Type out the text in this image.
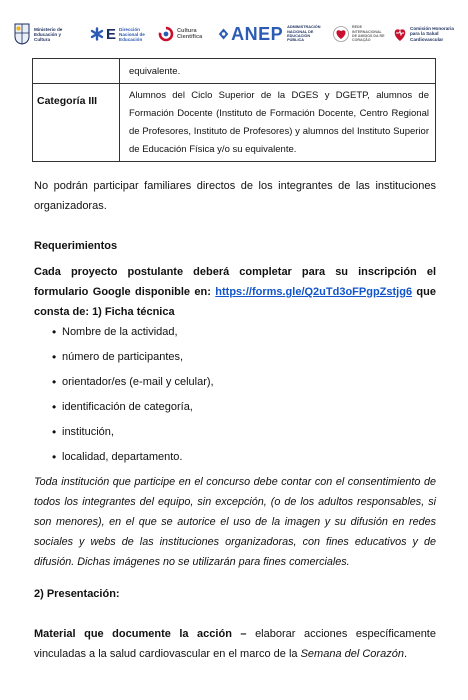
Ministerio de Educación y Cultura	E Dirección Nacional de Educación
Cultura Científica ANEP ADMINISTRACIÓN NACIONAL DE EDUCACIÓN PÚBLICA
REDE INTERNACIONAL DE AMIGOS DA RE CORAÇÃO
Comisión Honoraria para la Salud Cardiovascular
	equivalente.
Categoría III	Alumnos del Ciclo Superior de la DGES y DGETP, alumnos de Formación Docente (Instituto de Formación Docente, Centro Regional de Profesores, Instituto de Profesores) y alumnos del Instituto Superior de Educación Física y/o su equivalente.
No podrán participar familiares directos de los integrantes de las instituciones organizadoras.
Requerimientos
Cada proyecto postulante deberá completar para su inscripción el formulario Google disponible en: https://forms.gle/Q2uTd3oFPgpZstjg6 que consta de: 1) Ficha técnica
• Nombre de la actividad,
• número de participantes,
• orientador/es (e-mail y celular),
• identificación de categoría,
• institución,
• localidad, departamento.
Toda institución que participe en el concurso debe contar con el consentimiento de todos los integrantes del equipo, sin excepción, (o de los adultos responsables, si son menores), en el que se autorice el uso de la imagen y su difusión en redes sociales y webs de las instituciones organizadoras, con fines educativos y de difusión. Dichas imágenes no se utilizarán para fines comerciales.
2) Presentación:
Material que documente la acción – elaborar acciones específicamente vinculadas a la salud cardiovascular en el marco de la Semana del Corazón.
